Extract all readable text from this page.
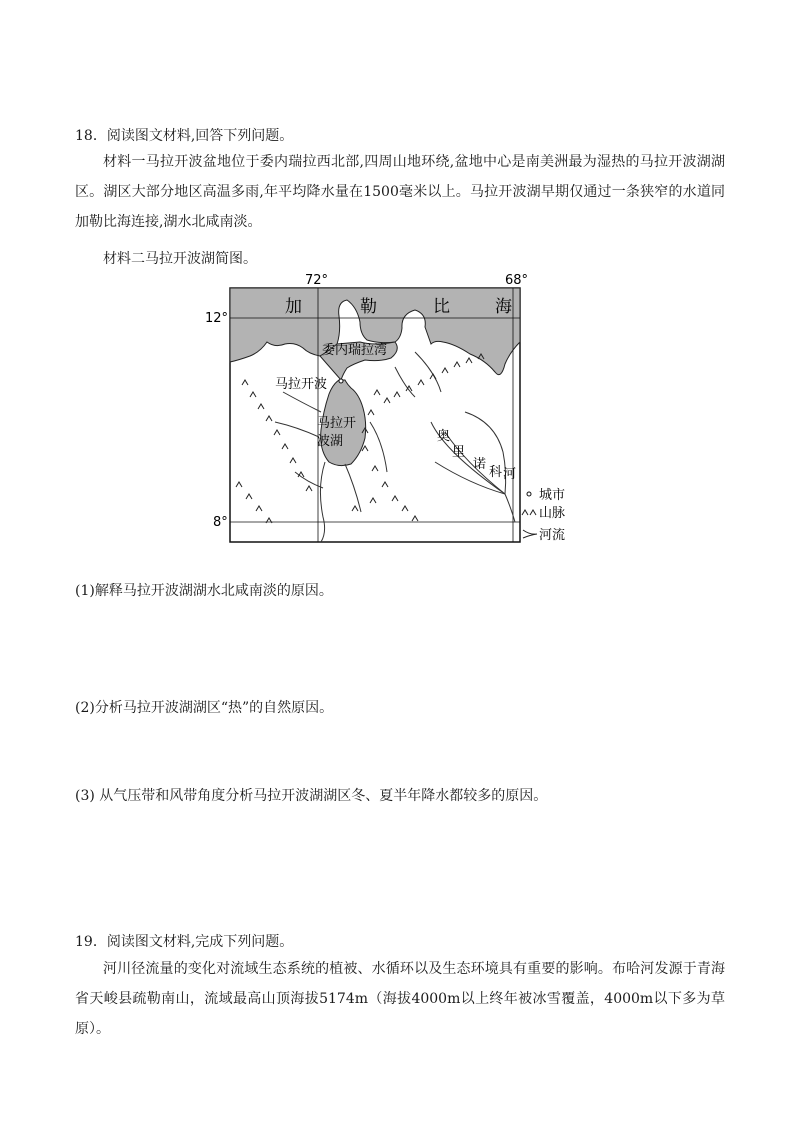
18．阅读图文材料,回答下列问题。
材料一马拉开波盆地位于委内瑞拉西北部,四周山地环绕,盆地中心是南美洲最为湿热的马拉开波湖湖区。湖区大部分地区高温多雨,年平均降水量在1500毫米以上。马拉开波湖早期仅通过一条狭窄的水道同加勒比海连接,湖水北咸南淡。
材料二马拉开波湖简图。
72°	68°
12°
8°
加	勒	比	海
委内瑞拉湾
马拉开波
马拉开
波湖	奥
里
诺
科 河
城市
山脉
河流
(1)解释马拉开波湖湖水北咸南淡的原因。
(2)分析马拉开波湖湖区“热”的自然原因。
(3) 从气压带和风带角度分析马拉开波湖湖区冬、夏半年降水都较多的原因。
19．阅读图文材料,完成下列问题。
河川径流量的变化对流域生态系统的植被、水循环以及生态环境具有重要的影响。布哈河发源于青海省天峻县疏勒南山，流域最高山顶海拔5174m（海拔4000m以上终年被冰雪覆盖，4000m以下多为草原）。
